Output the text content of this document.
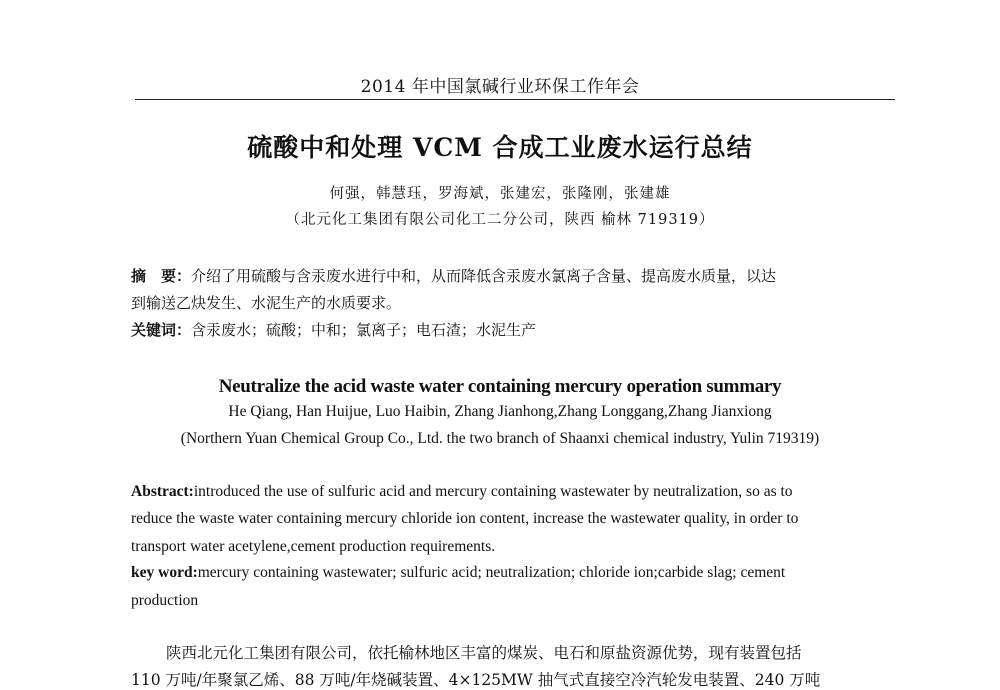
2014 年中国氯碱行业环保工作年会
硫酸中和处理 VCM 合成工业废水运行总结
何强，韩慧珏，罗海斌，张建宏，张隆刚，张建雄
（北元化工集团有限公司化工二分公司，陕西 榆林 719319）
摘　要：介绍了用硫酸与含汞废水进行中和，从而降低含汞废水氯离子含量、提高废水质量，以达
到输送乙炔发生、水泥生产的水质要求。
关键词：含汞废水；硫酸；中和；氯离子；电石渣；水泥生产
Neutralize the acid waste water containing mercury operation summary
He Qiang, Han Huijue, Luo Haibin, Zhang Jianhong,Zhang Longgang,Zhang Jianxiong
(Northern Yuan Chemical Group Co., Ltd. the two branch of Shaanxi chemical industry, Yulin 719319)
Abstract:introduced the use of sulfuric acid and mercury containing wastewater by neutralization, so as to
reduce the waste water containing mercury chloride ion content, increase the wastewater quality, in order to
transport water acetylene,cement production requirements.
key word:mercury containing wastewater; sulfuric acid; neutralization; chloride ion;carbide slag; cement
production
陕西北元化工集团有限公司，依托榆林地区丰富的煤炭、电石和原盐资源优势，现有装置包括
110 万吨/年聚氯乙烯、88 万吨/年烧碱装置、4×125MW 抽气式直接空冷汽轮发电装置、240 万吨
